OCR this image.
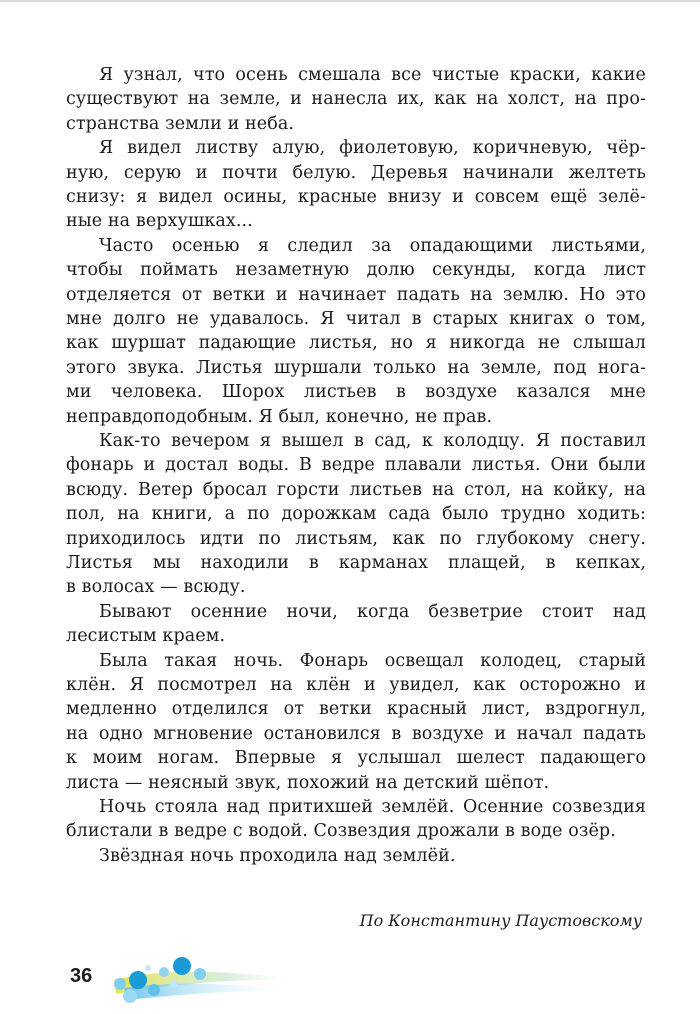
Я узнал, что осень смешала все чистые краски, какие
существуют на земле, и нанесла их, как на холст, на про-
странства земли и неба.
Я видел листву алую, фиолетовую, коричневую, чёр-
ную, серую и почти белую. Деревья начинали желтеть
снизу: я видел осины, красные внизу и совсем ещё зелё-
ные на верхушках...
Часто осенью я следил за опадающими листьями,
чтобы поймать незаметную долю секунды, когда лист
отделяется от ветки и начинает падать на землю. Но это
мне долго не удавалось. Я читал в старых книгах о том,
как шуршат падающие листья, но я никогда не слышал
этого звука. Листья шуршали только на земле, под нога-
ми человека. Шорох листьев в воздухе казался мне
неправдоподобным. Я был, конечно, не прав.
Как-то вечером я вышел в сад, к колодцу. Я поставил
фонарь и достал воды. В ведре плавали листья. Они были
всюду. Ветер бросал горсти листьев на стол, на койку, на
пол, на книги, а по дорожкам сада было трудно ходить:
приходилось идти по листьям, как по глубокому снегу.
Листья мы находили в карманах плащей, в кепках,
в волосах — всюду.
Бывают осенние ночи, когда безветрие стоит над
лесистым краем.
Была такая ночь. Фонарь освещал колодец, старый
клён. Я посмотрел на клён и увидел, как осторожно и
медленно отделился от ветки красный лист, вздрогнул,
на одно мгновение остановился в воздухе и начал падать
к моим ногам. Впервые я услышал шелест падающего
листа — неясный звук, похожий на детский шёпот.
Ночь стояла над притихшей землёй. Осенние созвездия
блистали в ведре с водой. Созвездия дрожали в воде озёр.
Звёздная ночь проходила над землёй.
По Константину Паустовскому
36
